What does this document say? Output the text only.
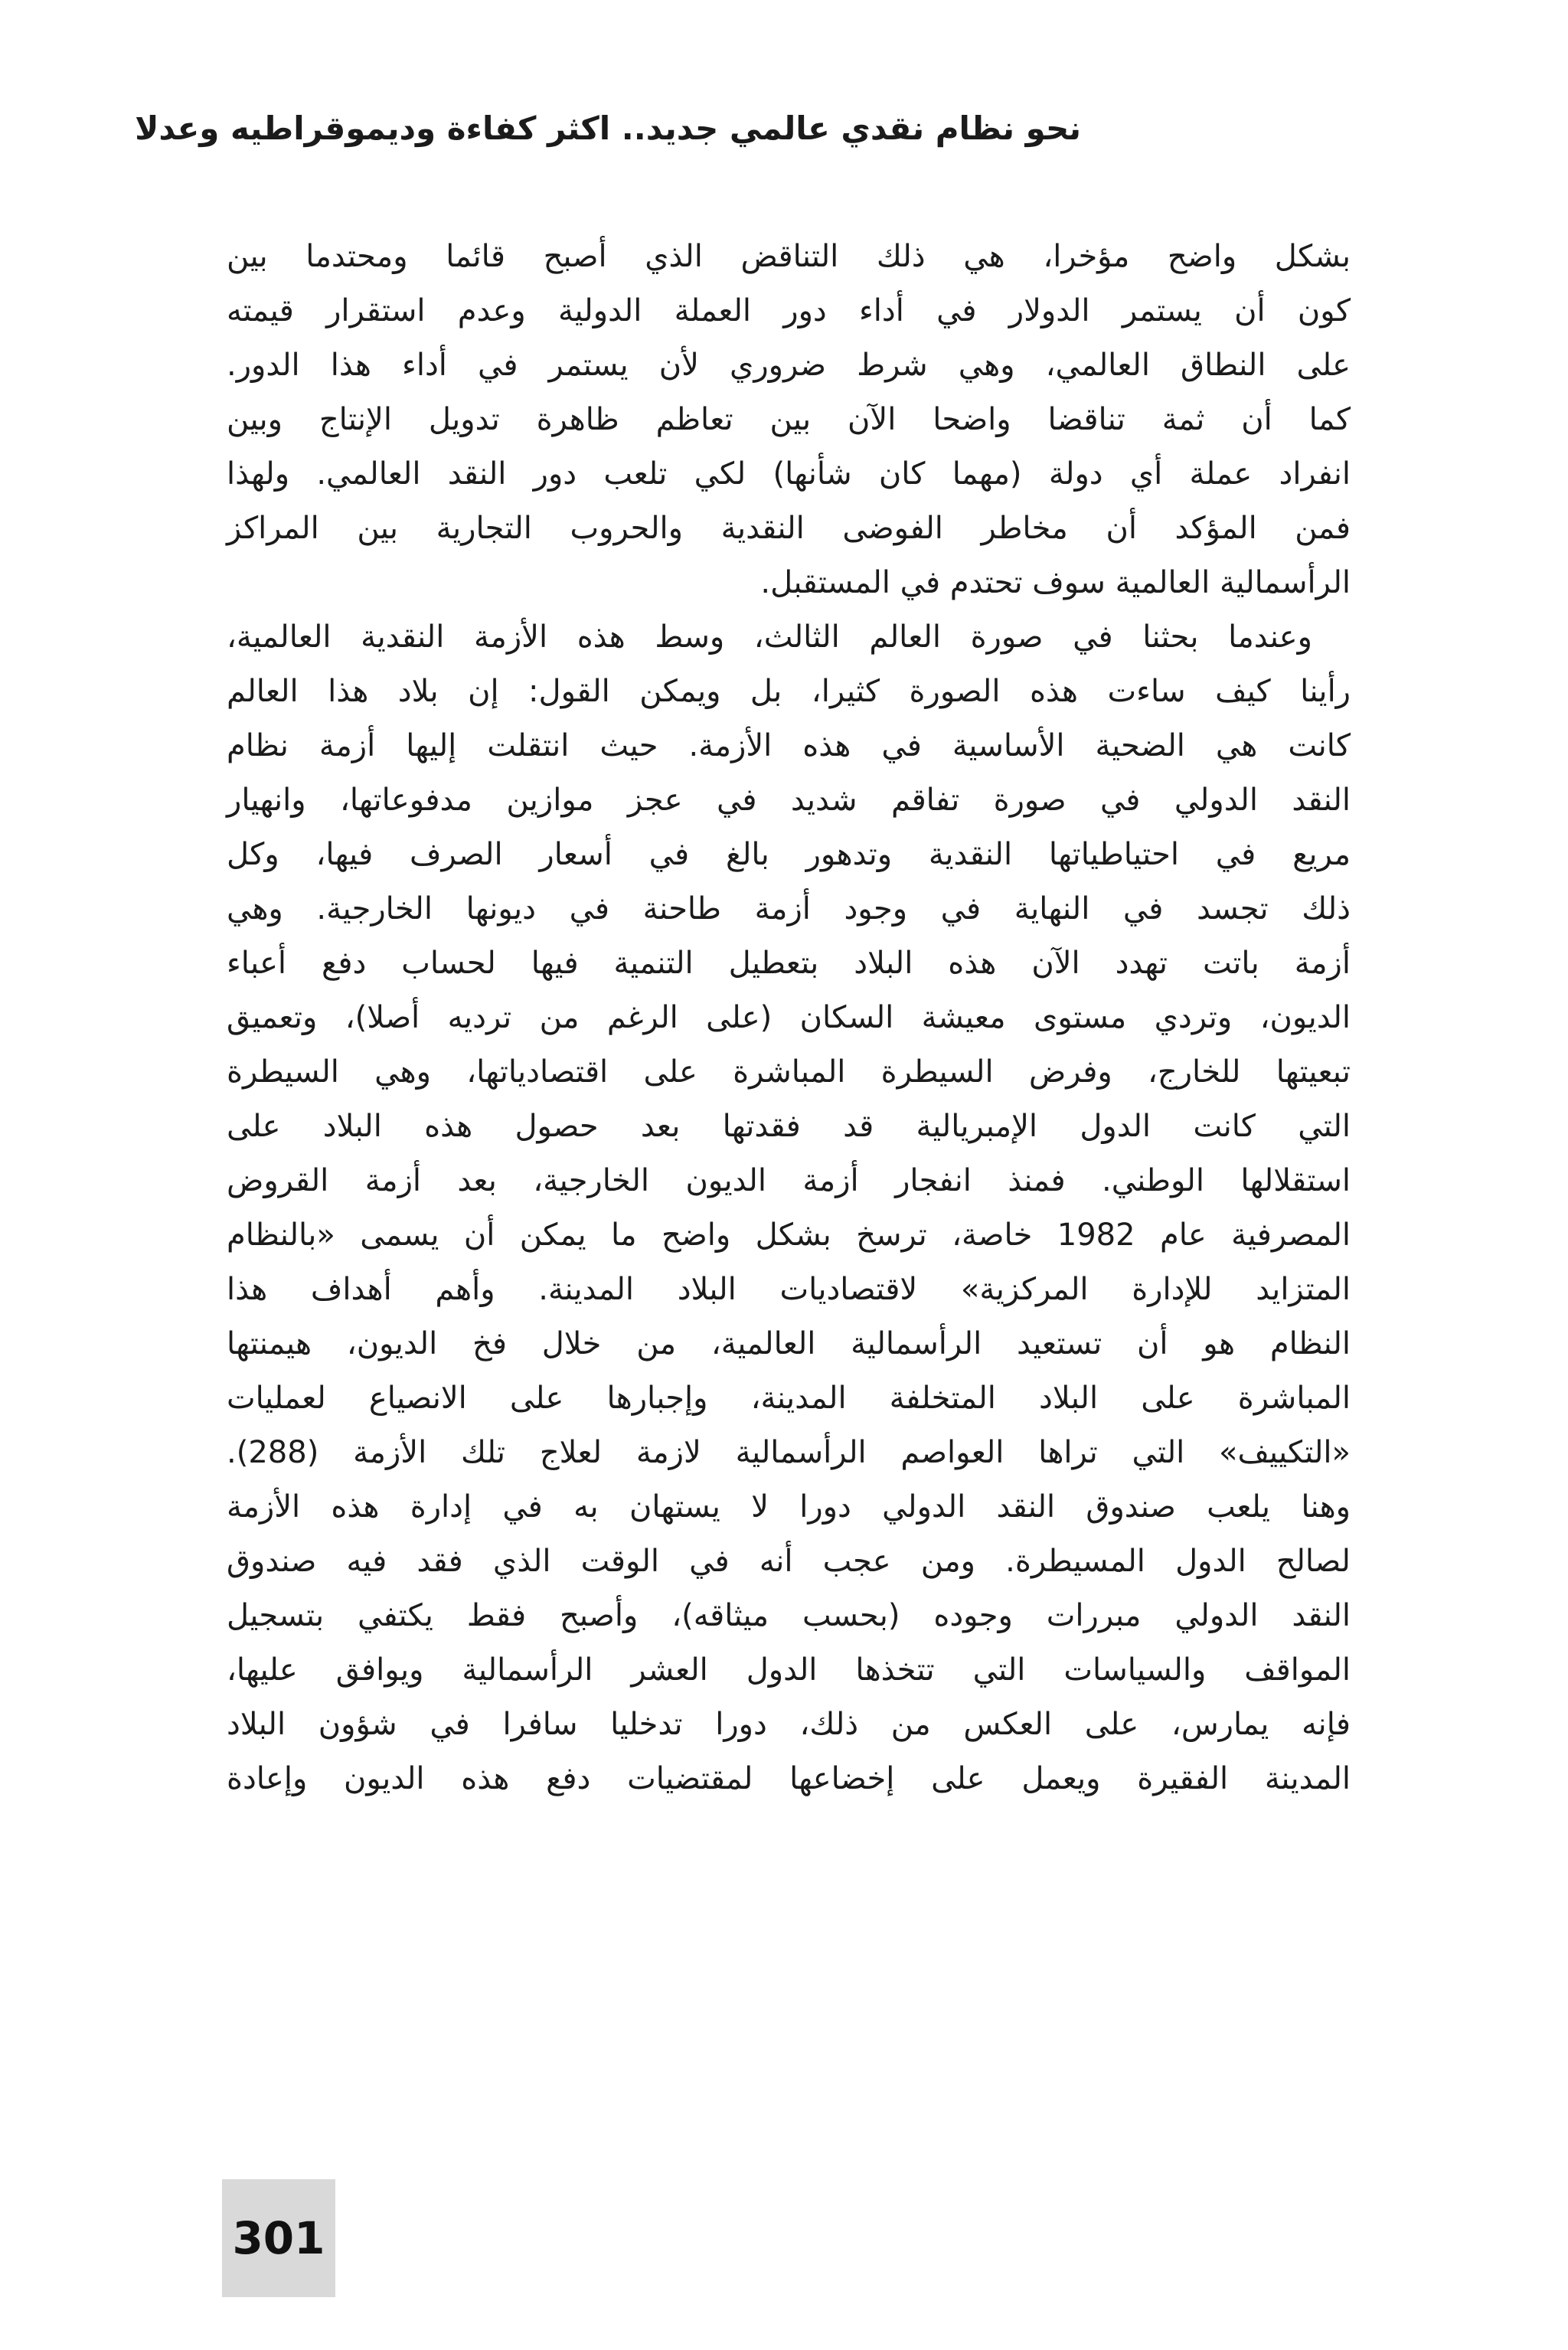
نحو نظام نقدي عالمي جديد.. اكثر كفاءة وديموقراطيه وعدلا
بشكل واضح مؤخرا، هي ذلك التناقض الذي أصبح قائما ومحتدما بين
كون أن يستمر الدولار في أداء دور العملة الدولية وعدم استقرار قيمته
على النطاق العالمي، وهي شرط ضروري لأن يستمر في أداء هذا الدور.
كما أن ثمة تناقضا واضحا الآن بين تعاظم ظاهرة تدويل الإنتاج وبين
انفراد عملة أي دولة (مهما كان شأنها) لكي تلعب دور النقد العالمي. ولهذا
فمن المؤكد أن مخاطر الفوضى النقدية والحروب التجارية بين المراكز
الرأسمالية العالمية سوف تحتدم في المستقبل.
وعندما بحثنا في صورة العالم الثالث، وسط هذه الأزمة النقدية العالمية،
رأينا كيف ساءت هذه الصورة كثيرا، بل ويمكن القول: إن بلاد هذا العالم
كانت هي الضحية الأساسية في هذه الأزمة. حيث انتقلت إليها أزمة نظام
النقد الدولي في صورة تفاقم شديد في عجز موازين مدفوعاتها، وانهيار
مريع في احتياطياتها النقدية وتدهور بالغ في أسعار الصرف فيها، وكل
ذلك تجسد في النهاية في وجود أزمة طاحنة في ديونها الخارجية. وهي
أزمة باتت تهدد الآن هذه البلاد بتعطيل التنمية فيها لحساب دفع أعباء
الديون، وتردي مستوى معيشة السكان (على الرغم من ترديه أصلا)، وتعميق
تبعيتها للخارج، وفرض السيطرة المباشرة على اقتصادياتها، وهي السيطرة
التي كانت الدول الإمبريالية قد فقدتها بعد حصول هذه البلاد على
استقلالها الوطني. فمنذ انفجار أزمة الديون الخارجية، بعد أزمة القروض
المصرفية عام 1982 خاصة، ترسخ بشكل واضح ما يمكن أن يسمى «بالنظام
المتزايد للإدارة المركزية» لاقتصاديات البلاد المدينة. وأهم أهداف هذا
النظام هو أن تستعيد الرأسمالية العالمية، من خلال فخ الديون، هيمنتها
المباشرة على البلاد المتخلفة المدينة، وإجبارها على الانصياع لعمليات
«التكييف» التي تراها العواصم الرأسمالية لازمة لعلاج تلك الأزمة (288).
وهنا يلعب صندوق النقد الدولي دورا لا يستهان به في إدارة هذه الأزمة
لصالح الدول المسيطرة. ومن عجب أنه في الوقت الذي فقد فيه صندوق
النقد الدولي مبررات وجوده (بحسب ميثاقه)، وأصبح فقط يكتفي بتسجيل
المواقف والسياسات التي تتخذها الدول العشر الرأسمالية ويوافق عليها،
فإنه يمارس، على العكس من ذلك، دورا تدخليا سافرا في شؤون البلاد
المدينة الفقيرة ويعمل على إخضاعها لمقتضيات دفع هذه الديون وإعادة
301
